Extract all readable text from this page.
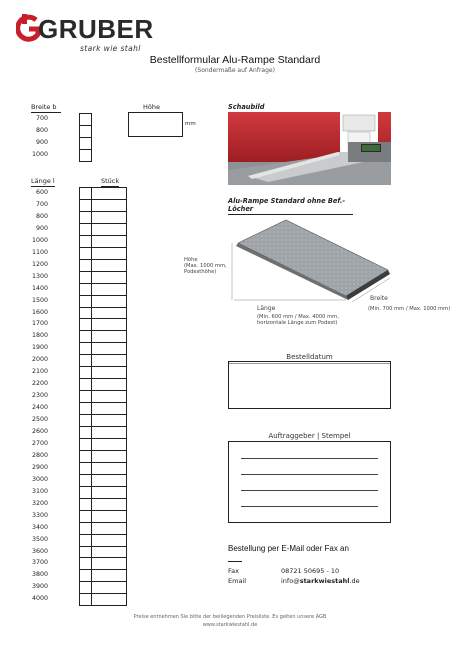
GRUBER
stark wie stahl
Bestellformular Alu-Rampe Standard
(Sondermaße auf Anfrage)
Breite b
700
800
900
1000
Höhe
mm
Länge l	Stück
600
700
800
900
1000
1100
1200
1300
1400
1500
1600
1700
1800
1900
2000
2100
2200
2300
2400
2500
2600
2700
2800
2900
3000
3100
3200
3300
3400
3500
3600
3700
3800
3900
4000
Schaubild
Alu-Rampe Standard ohne Bef.-Löcher
Höhe
(Max. 1000 mm,
Podesthöhe)
Länge
(Min. 600 mm / Max. 4000 mm,
horizontale Länge zum Podest)
Breite
(Min. 700 mm / Max. 1000 mm)
Bestelldatum
Auftraggeber | Stempel
Bestellung per E-Mail oder Fax an
Fax	08721 50695 - 10
Email	info@starkwiestahl.de
Preise entnehmen Sie bitte der beiliegenden Preisliste. Es gelten unsere AGB
www.starkwiestahl.de
